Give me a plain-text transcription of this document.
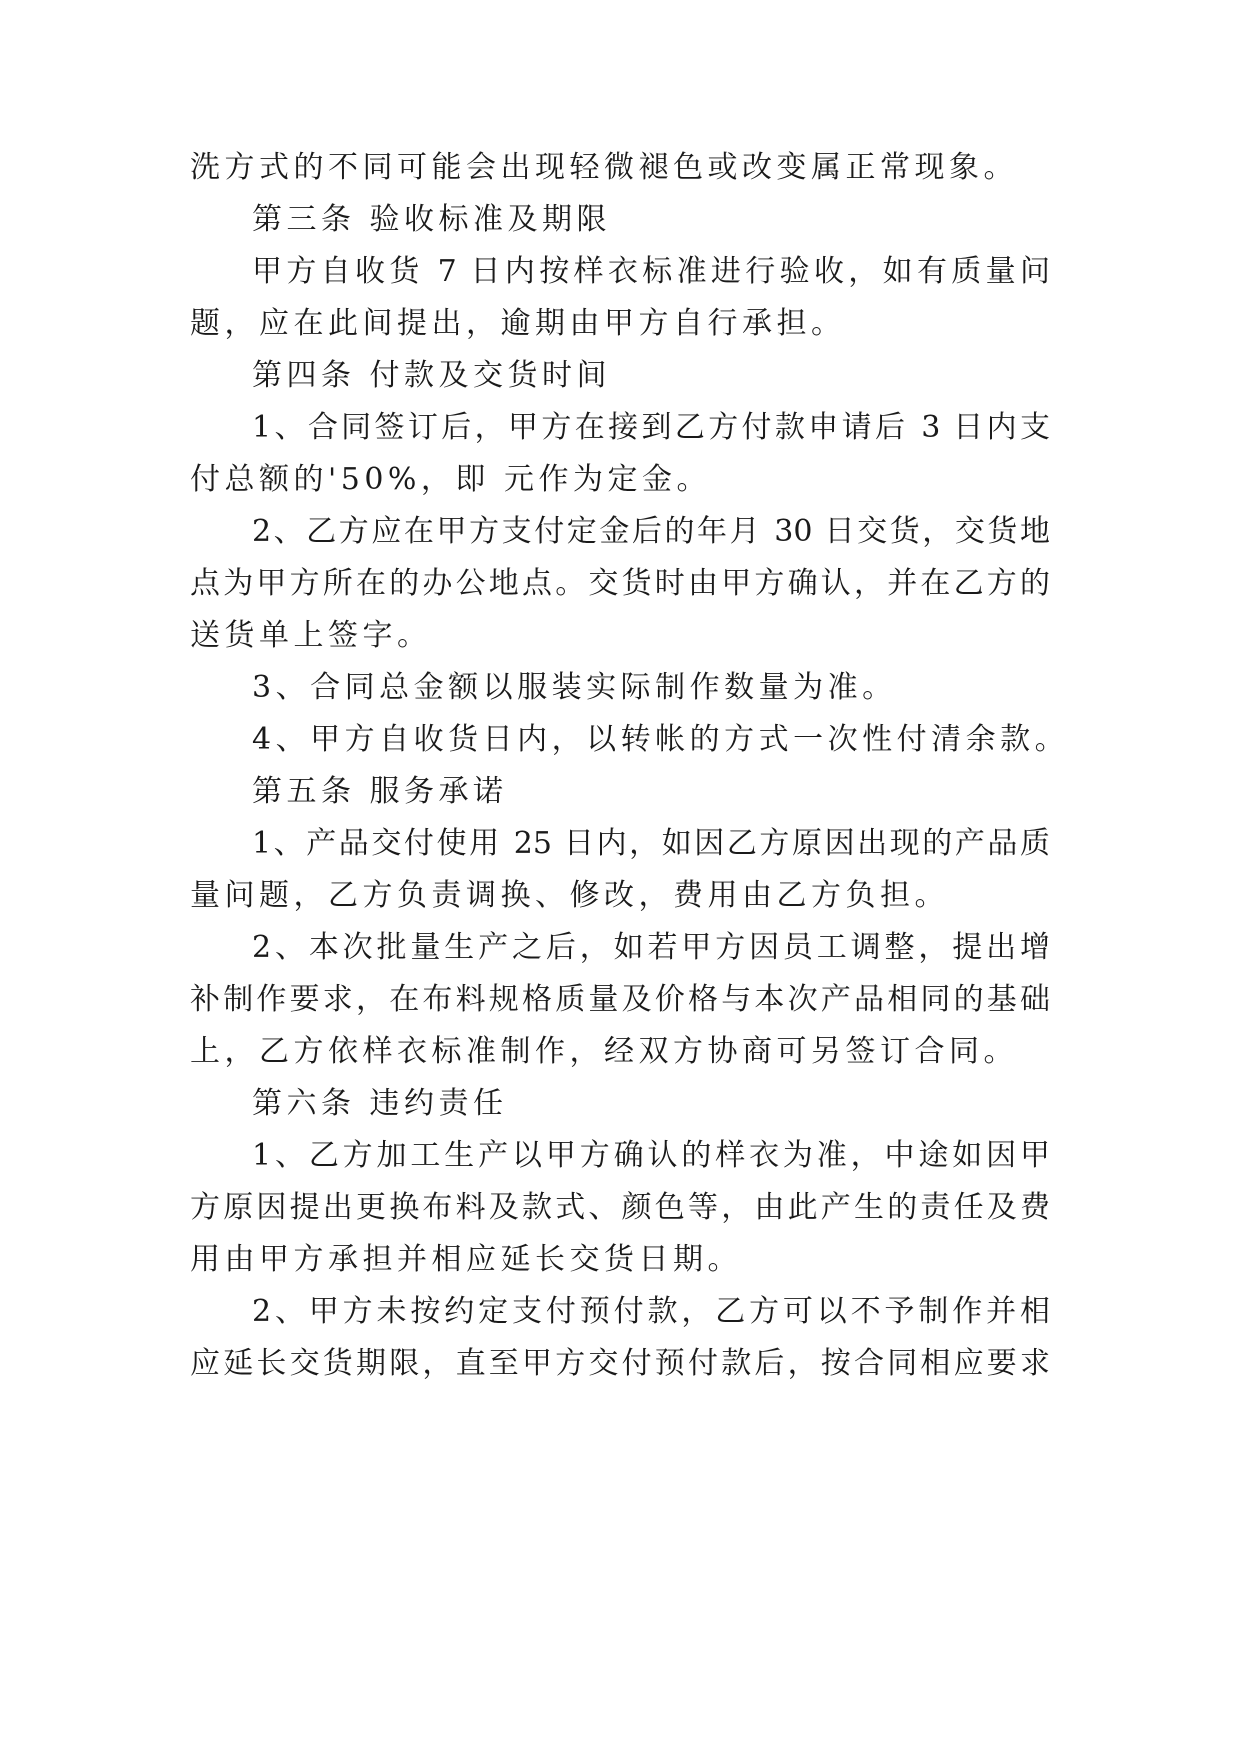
洗方式的不同可能会出现轻微褪色或改变属正常现象。
第三条 验收标准及期限
甲方自收货 7 日内按样衣标准进行验收，如有质量问
题，应在此间提出，逾期由甲方自行承担。
第四条 付款及交货时间
1、合同签订后，甲方在接到乙方付款申请后 3 日内支
付总额的'50%，即 元作为定金。
2、乙方应在甲方支付定金后的年月 30 日交货，交货地
点为甲方所在的办公地点。交货时由甲方确认，并在乙方的
送货单上签字。
3、合同总金额以服装实际制作数量为准。
4、甲方自收货日内，以转帐的方式一次性付清余款。
第五条 服务承诺
1、产品交付使用 25 日内，如因乙方原因出现的产品质
量问题，乙方负责调换、修改，费用由乙方负担。
2、本次批量生产之后，如若甲方因员工调整，提出增
补制作要求，在布料规格质量及价格与本次产品相同的基础
上，乙方依样衣标准制作，经双方协商可另签订合同。
第六条 违约责任
1、乙方加工生产以甲方确认的样衣为准，中途如因甲
方原因提出更换布料及款式、颜色等，由此产生的责任及费
用由甲方承担并相应延长交货日期。
2、甲方未按约定支付预付款，乙方可以不予制作并相
应延长交货期限，直至甲方交付预付款后，按合同相应要求
